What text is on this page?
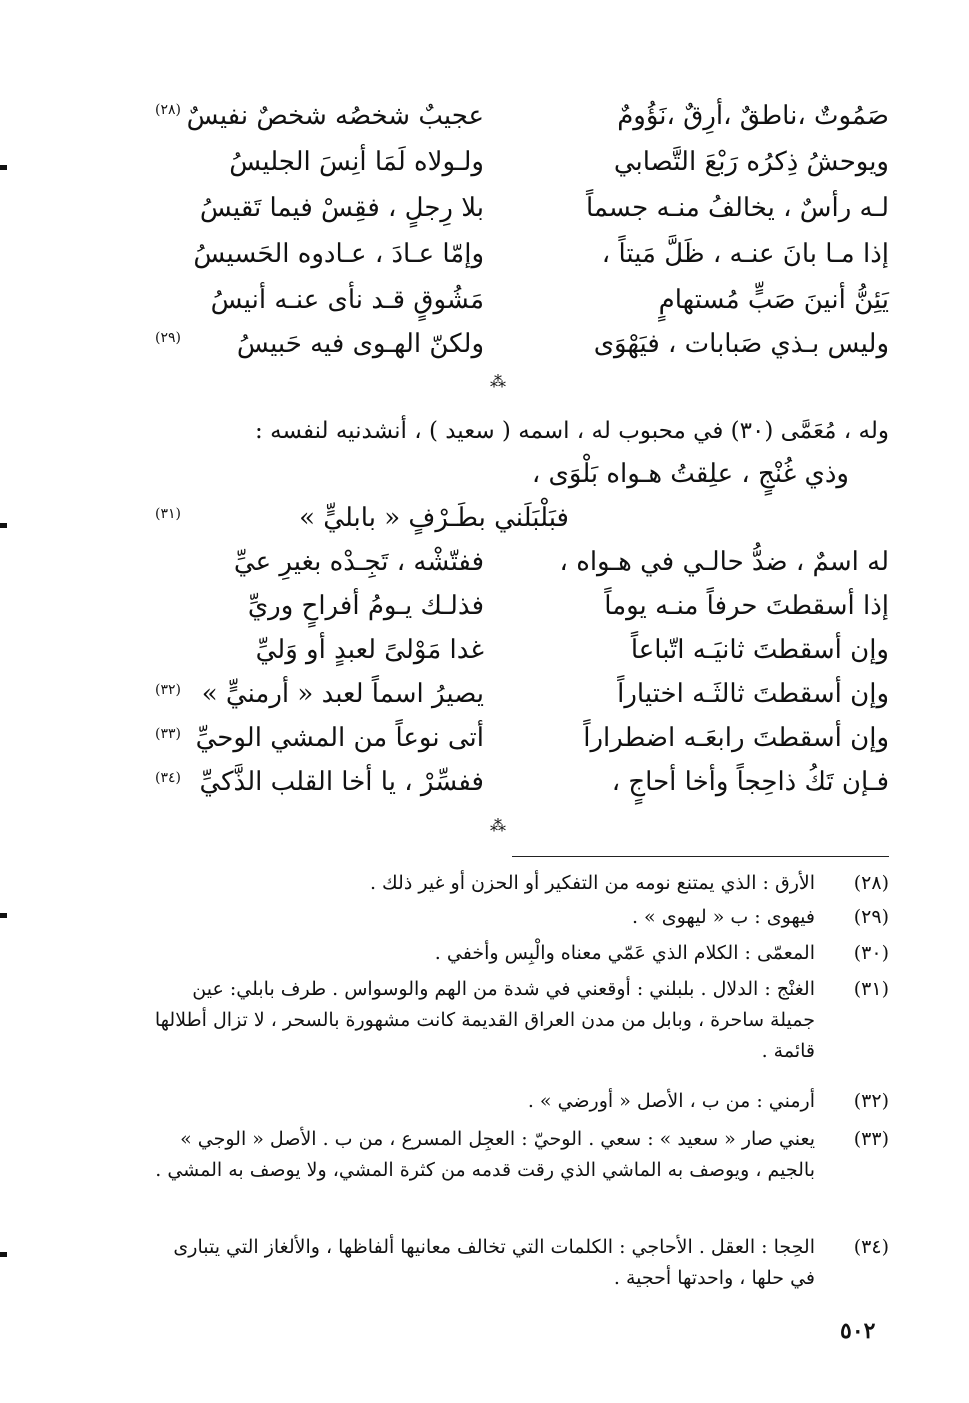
صَمُوتٌ ،ناطقٌ ،أرِقٌ ،نَؤُومٌ
عجيبٌ شخصُه شخصٌ نفيسٌ
(٢٨)
ويوحشُ ذِكرُه رَبْعَ التَّصابي
ولـولاه لَمَا أنِسَ الجليسُ
لـه رأسٌ ، يخالفُ منـه جسماً
بلا رِجلٍ ، فقِسْ فيما تَقيسُ
إذا مـا بانَ عنـه ، ظَلَّ مَيتاً ،
وإمّا عـادَ ، عـادوه الحَسيسُ
يَئِنُّ أنينَ صَبٍّ مُستهامٍ
مَشُوقٍ قـد نأى عنـه أنيسُ
وليس بـذي صَبابات ، فيَهْوَى
ولكنّ الهـوى فيه حَبيسُ
(٢٩)
⁂
وله ، مُعَمَّى (٣٠) في محبوب له ، اسمه ( سعيد ) ، أنشدنيه لنفسه :
وذي غُنْجٍ ، علِقتُ هـواه بَلْوَى ،
فبَلْبَلَني بطَـرْفٍ « بابليٍّ »
(٣١)
له اسمٌ ، ضدُّ حالـي في هـواه ،
ففتّشْه ، تَجِـدْه بغيرِ عيِّ
إذا أسقطتَ حرفاً منـه يوماً
فذلـك يـومُ أفراحٍ وريِّ
وإن أسقطتَ ثانيَـه اتّباعاً
غدا مَوْلىً لعبدٍ أو وَليِّ
وإن أسقطتَ ثالثَـه اختياراً
يصيرُ اسماً لعبد « أرمنيٍّ »
(٣٢)
وإن أسقطتَ رابعَـه اضطراراً
أتى نوعاً من المشي الوحيِّ
(٣٣)
فـإن تَكُ ذاحِجاً وأخا أحاجٍ ،
ففسِّرْ ، يا أخا القلب الذَّكيِّ
(٣٤)
⁂
(٢٨)
الأرق : الذي يمتنع نومه من التفكير أو الحزن أو غير ذلك .
(٢٩)
فيهوى : ب « ليهوى » .
(٣٠)
المعمّى : الكلام الذي عَمّي معناه والْبِس وأخفي .
(٣١)
الغنْج : الدلال . بلبلني : أوقعني في شدة من الهم والوسواس . طرف بابلي: عين جميلة ساحرة ، وبابل من مدن العراق القديمة كانت مشهورة بالسحر ، لا تزال أطلالها قائمة .
(٣٢)
أرمني : من ب ، الأصل « أورضي » .
(٣٣)
يعني صار « سعيد » : سعي . الوحيّ : العجِل المسرع ، من ب . الأصل « الوجي » بالجيم ، ويوصف به الماشي الذي رقت قدمه من كثرة المشي، ولا يوصف به المشي .
(٣٤)
الحِجا : العقل . الأحاجي : الكلمات التي تخالف معانيها ألفاظها ، والألغاز التي يتبارى في حلها ، واحدتها أحجية .
٥٠٢
